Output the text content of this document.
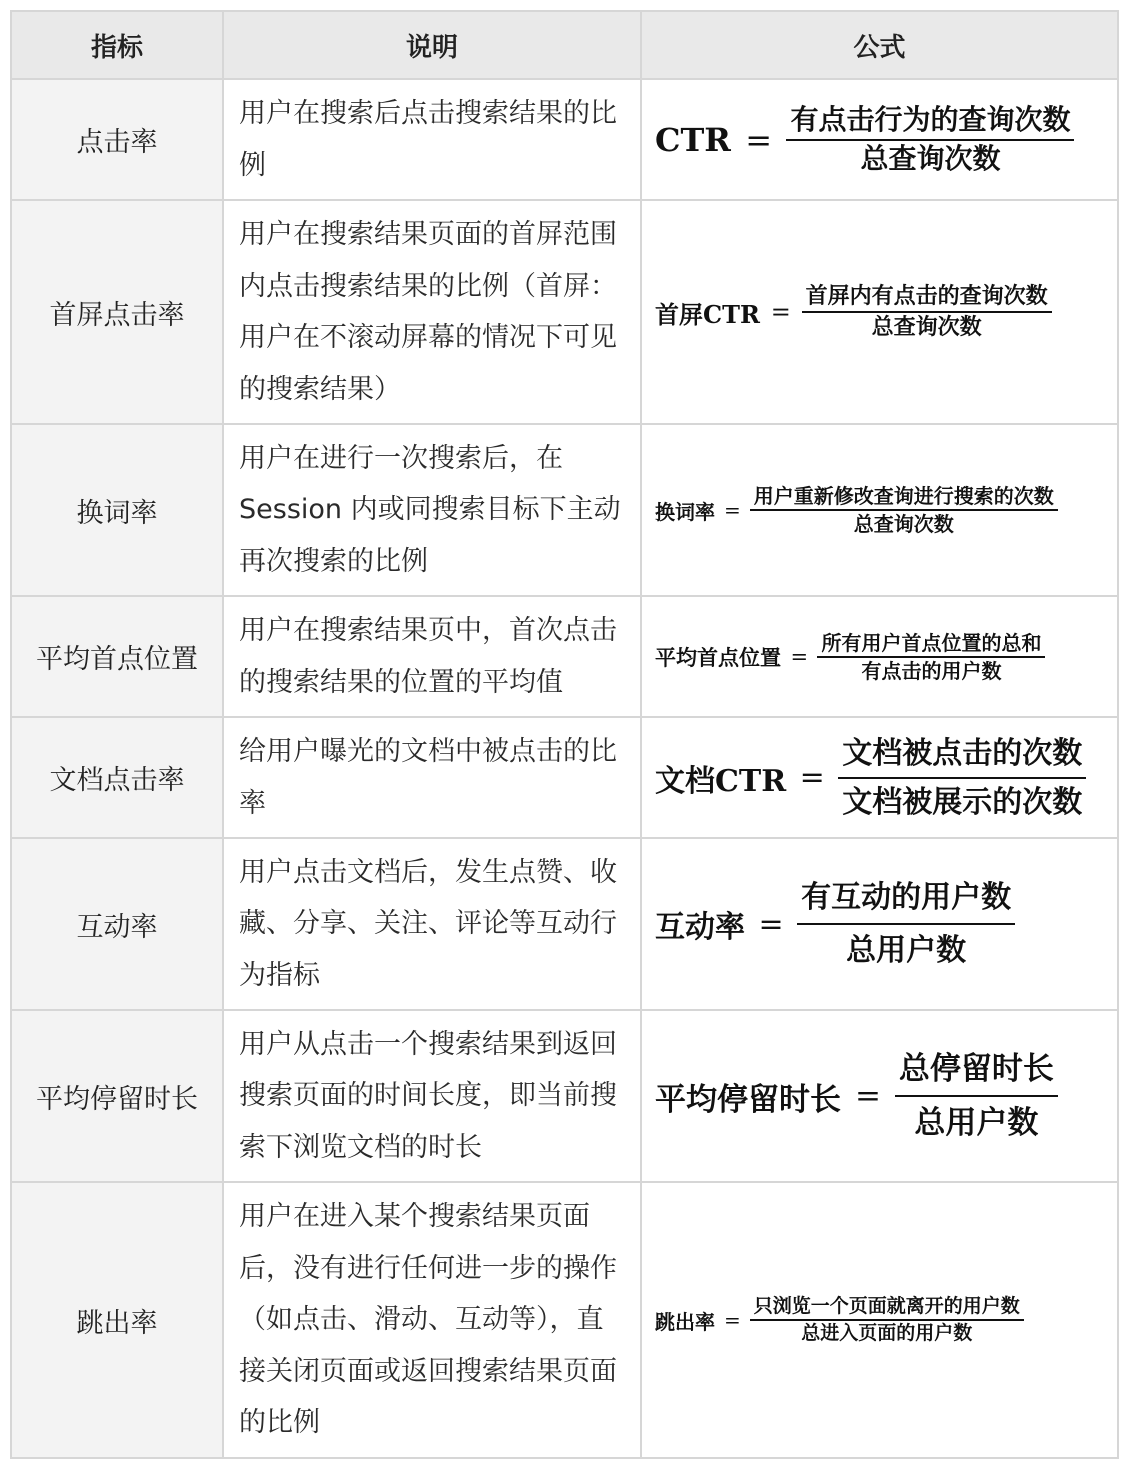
指标	说明	公式
点击率	用户在搜索后点击搜索结果的比例	CTR = $\frac{\text{有点击行为的查询次数}}{\text{总查询次数}}$

首屏点击率	用户在搜索结果页面的首屏范围内点击搜索结果的比例（首屏：用户在不滚动屏幕的情况下可见的搜索结果）	首屏CTR = $\frac{\text{首屏内有点击的查询次数}}{\text{总查询次数}}$

换词率	用户在进行一次搜索后，在 Session 内或同搜索目标下主动再次搜索的比例	换词率 = $\frac{\text{用户重新修改查询进行搜索的次数}}{\text{总查询次数}}$

平均首点位置	用户在搜索结果页中，首次点击的搜索结果的位置的平均值	平均首点位置 = $\frac{\text{所有用户首点位置的总和}}{\text{有点击的用户数}}$

文档点击率	给用户曝光的文档中被点击的比率	文档CTR = $\frac{\text{文档被点击的次数}}{\text{文档被展示的次数}}$

互动率	用户点击文档后，发生点赞、收藏、分享、关注、评论等互动行为指标	互动率 = $\frac{\text{有互动的用户数}}{\text{总用户数}}$

平均停留时长	用户从点击一个搜索结果到返回搜索页面的时间长度，即当前搜索下浏览文档的时长	平均停留时长 = $\frac{\text{总停留时长}}{\text{总用户数}}$

跳出率	用户在进入某个搜索结果页面后，没有进行任何进一步的操作（如点击、滑动、互动等），直接关闭页面或返回搜索结果页面的比例	跳出率 = $\frac{\text{只浏览一个页面就离开的用户数}}{\text{总进入页面的用户数}}$
